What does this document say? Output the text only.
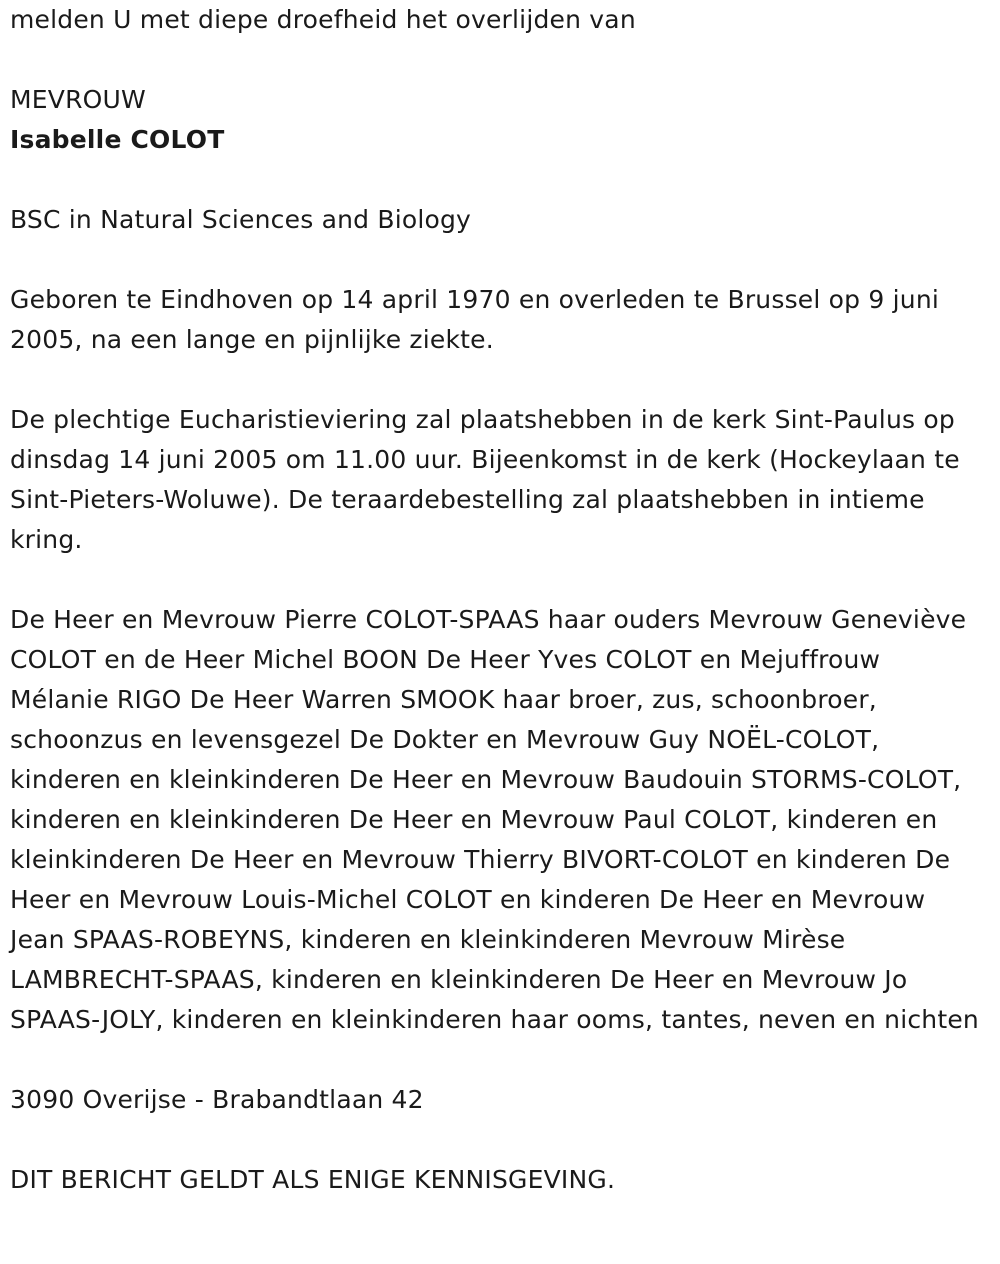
melden U met diepe droefheid het overlijden van

MEVROUW

Isabelle COLOT

BSC in Natural Sciences and Biology

Geboren te Eindhoven op 14 april 1970 en overleden te Brussel op 9 juni 2005, na een lange en pijnlijke ziekte.

De plechtige Eucharistieviering zal plaatshebben in de kerk Sint-Paulus op dinsdag 14 juni 2005 om 11.00 uur. Bijeenkomst in de kerk (Hockeylaan te Sint-Pieters-Woluwe). De teraardebestelling zal plaatshebben in intieme kring.

De Heer en Mevrouw Pierre COLOT-SPAAS haar ouders Mevrouw Geneviève COLOT en de Heer Michel BOON De Heer Yves COLOT en Mejuffrouw Mélanie RIGO De Heer Warren SMOOK haar broer, zus, schoonbroer, schoonzus en levensgezel De Dokter en Mevrouw Guy NOËL-COLOT, kinderen en kleinkinderen De Heer en Mevrouw Baudouin STORMS-COLOT, kinderen en kleinkinderen De Heer en Mevrouw Paul COLOT, kinderen en kleinkinderen De Heer en Mevrouw Thierry BIVORT-COLOT en kinderen De Heer en Mevrouw Louis-Michel COLOT en kinderen De Heer en Mevrouw Jean SPAAS-ROBEYNS, kinderen en kleinkinderen Mevrouw Mirèse LAMBRECHT-SPAAS, kinderen en kleinkinderen De Heer en Mevrouw Jo SPAAS-JOLY, kinderen en kleinkinderen haar ooms, tantes, neven en nichten

3090 Overijse - Brabandtlaan 42

DIT BERICHT GELDT ALS ENIGE KENNISGEVING.
